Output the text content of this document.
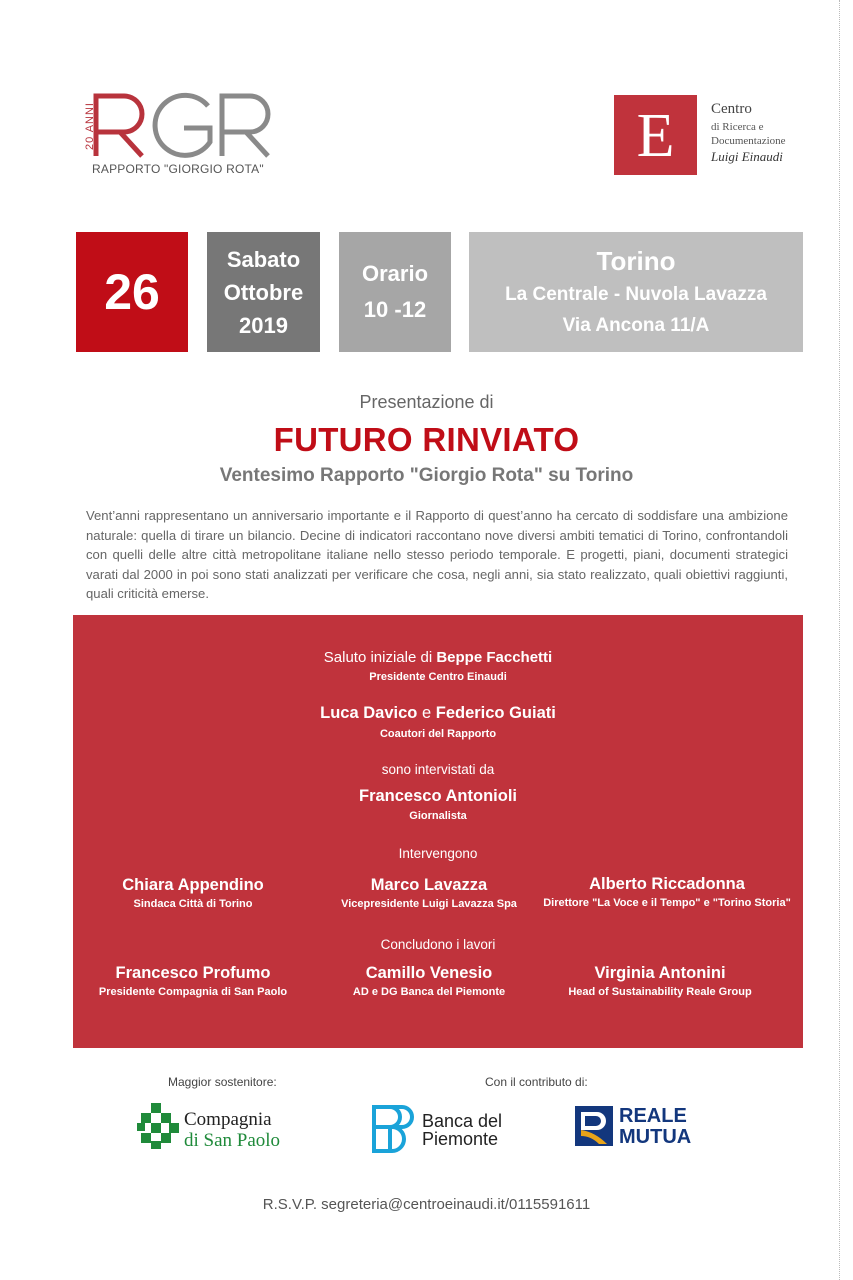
20 ANNI
RAPPORTO "GIORGIO ROTA"	E	Centro
di Ricerca e
Documentazione
Luigi Einaudi
26
Sabato
Ottobre
2019
Orario
10 -12
Torino
La Centrale - Nuvola Lavazza
Via Ancona 11/A
Presentazione di
FUTURO RINVIATO
Ventesimo Rapporto "Giorgio Rota" su Torino

Vent’anni rappresentano un anniversario importante e il Rapporto di quest’anno ha cercato di soddisfare una ambizione naturale: quella di tirare un bilancio. Decine di indicatori raccontano nove diversi ambiti tematici di Torino, confrontandoli con quelli delle altre città metropolitane italiane nello stesso periodo temporale. E progetti, piani, documenti strategici varati dal 2000 in poi sono stati analizzati per verificare che cosa, negli anni, sia stato realizzato, quali obiettivi raggiunti, quali criticità emerse.

Saluto iniziale di Beppe Facchetti
Presidente Centro Einaudi
Luca Davico e Federico Guiati
Coautori del Rapporto
sono intervistati da
Francesco Antonioli
Giornalista
Intervengono
Chiara Appendino
Sindaca Città di Torino
Marco Lavazza
Vicepresidente Luigi Lavazza Spa
Alberto Riccadonna
Direttore "La Voce e il Tempo" e "Torino Storia"
Concludono i lavori
Francesco Profumo
Presidente Compagnia di San Paolo
Camillo Venesio
AD e DG Banca del Piemonte
Virginia Antonini
Head of Sustainability Reale Group
Maggior sostenitore:	Con il contributo di:
Compagnia
di San Paolo
Banca del
Piemonte
REALE
MUTUA
R.S.V.P. segreteria@centroeinaudi.it/0115591611
